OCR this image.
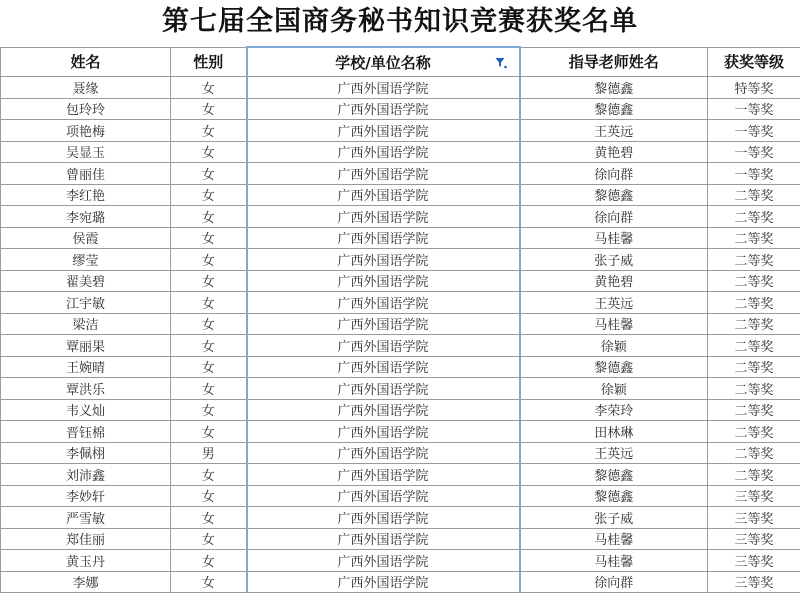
第七届全国商务秘书知识竞赛获奖名单
姓名	性别	学校/单位名称	指导老师姓名	获奖等级
聂缘	女	广西外国语学院	黎德鑫	特等奖
包玲玲	女	广西外国语学院	黎德鑫	一等奖
项艳梅	女	广西外国语学院	王英远	一等奖
吴显玉	女	广西外国语学院	黄艳碧	一等奖
曾丽佳	女	广西外国语学院	徐向群	一等奖
李红艳	女	广西外国语学院	黎德鑫	二等奖
李宛璐	女	广西外国语学院	徐向群	二等奖
侯霞	女	广西外国语学院	马桂馨	二等奖
缪莹	女	广西外国语学院	张子威	二等奖
翟美碧	女	广西外国语学院	黄艳碧	二等奖
江宇敏	女	广西外国语学院	王英远	二等奖
梁洁	女	广西外国语学院	马桂馨	二等奖
覃丽果	女	广西外国语学院	徐颖	二等奖
王婉晴	女	广西外国语学院	黎德鑫	二等奖
覃洪乐	女	广西外国语学院	徐颖	二等奖
韦义灿	女	广西外国语学院	李荣玲	二等奖
晋钰棉	女	广西外国语学院	田林琳	二等奖
李佩栩	男	广西外国语学院	王英远	二等奖
刘沛鑫	女	广西外国语学院	黎德鑫	二等奖
李妙轩	女	广西外国语学院	黎德鑫	三等奖
严雪敏	女	广西外国语学院	张子威	三等奖
郑佳丽	女	广西外国语学院	马桂馨	三等奖
黄玉丹	女	广西外国语学院	马桂馨	三等奖
李娜	女	广西外国语学院	徐向群	三等奖
